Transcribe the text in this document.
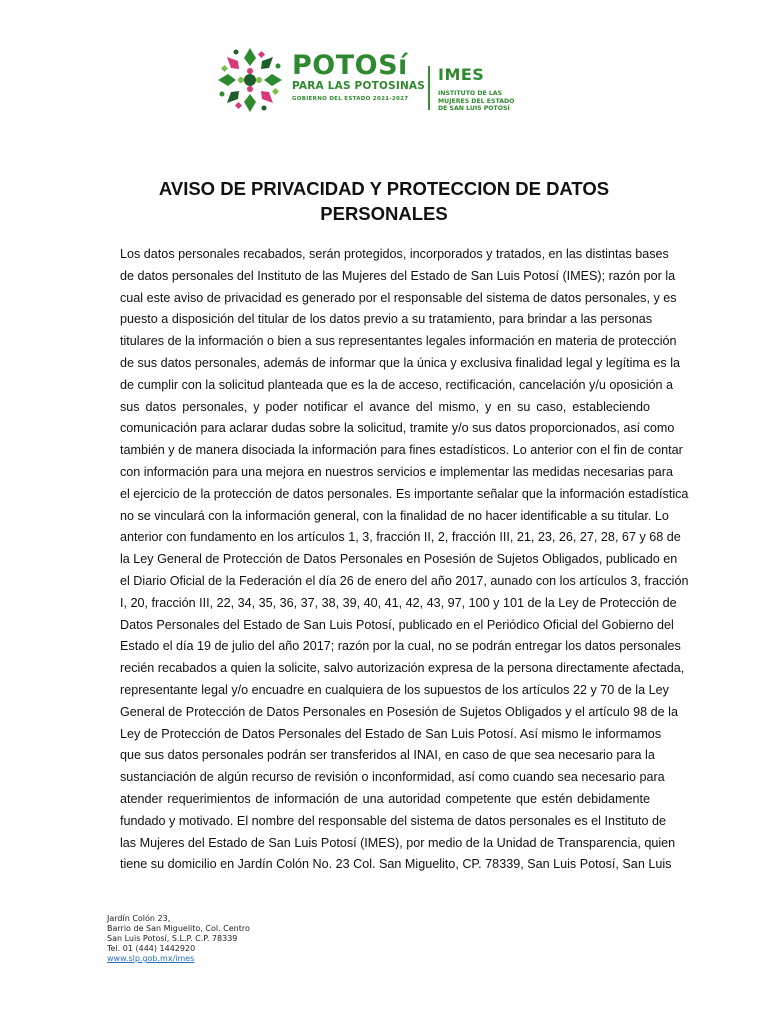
POTOSí
PARA LAS POTOSINAS
GOBIERNO DEL ESTADO 2021-2027
IMES
INSTITUTO DE LAS
MUJERES DEL ESTADO
DE SAN LUIS POTOSÍ
AVISO DE PRIVACIDAD Y PROTECCION DE DATOS
PERSONALES
Los datos personales recabados, serán protegidos, incorporados y tratados, en las distintas bases
de datos personales del Instituto de las Mujeres del Estado de San Luis Potosí (IMES); razón por la
cual este aviso de privacidad es generado por el responsable del sistema de datos personales, y es
puesto a disposición del titular de los datos previo a su tratamiento, para brindar a las personas
titulares de la información o bien a sus representantes legales información en materia de protección
de sus datos personales, además de informar que la única y exclusiva finalidad legal y legítima es la
de cumplir con la solicitud planteada que es la de acceso, rectificación, cancelación y/u oposición a
sus datos personales, y poder notificar el avance del mismo, y en su caso, estableciendo
comunicación para aclarar dudas sobre la solicitud, tramite y/o sus datos proporcionados, así como
también y de manera disociada la información para fines estadísticos. Lo anterior con el fin de contar
con información para una mejora en nuestros servicios e implementar las medidas necesarias para
el ejercicio de la protección de datos personales. Es importante señalar que la información estadística
no se vinculará con la información general, con la finalidad de no hacer identificable a su titular. Lo
anterior con fundamento en los artículos 1, 3, fracción II, 2, fracción III, 21, 23, 26, 27, 28, 67 y 68 de
la Ley General de Protección de Datos Personales en Posesión de Sujetos Obligados, publicado en
el Diario Oficial de la Federación el día 26 de enero del año 2017, aunado con los artículos 3, fracción
I, 20, fracción III, 22, 34, 35, 36, 37, 38, 39, 40, 41, 42, 43, 97, 100 y 101 de la Ley de Protección de
Datos Personales del Estado de San Luis Potosí, publicado en el Periódico Oficial del Gobierno del
Estado el día 19 de julio del año 2017; razón por la cual, no se podrán entregar los datos personales
recién recabados a quien la solicite, salvo autorización expresa de la persona directamente afectada,
representante legal y/o encuadre en cualquiera de los supuestos de los artículos 22 y 70 de la Ley
General de Protección de Datos Personales en Posesión de Sujetos Obligados y el artículo 98 de la
Ley de Protección de Datos Personales del Estado de San Luis Potosí. Así mismo le informamos
que sus datos personales podrán ser transferidos al INAI, en caso de que sea necesario para la
sustanciación de algún recurso de revisión o inconformidad, así como cuando sea necesario para
atender requerimientos de información de una autoridad competente que estén debidamente
fundado y motivado. El nombre del responsable del sistema de datos personales es el Instituto de
las Mujeres del Estado de San Luis Potosí (IMES), por medio de la Unidad de Transparencia, quien
tiene su domicilio en Jardín Colón No. 23 Col. San Miguelito, CP. 78339, San Luis Potosí, San Luis
Jardín Colón 23,
Barrio de San Miguelito, Col. Centro
San Luis Potosí, S.L.P. C.P. 78339
Tel. 01 (444) 1442920
www.slp.gob.mx/imes
